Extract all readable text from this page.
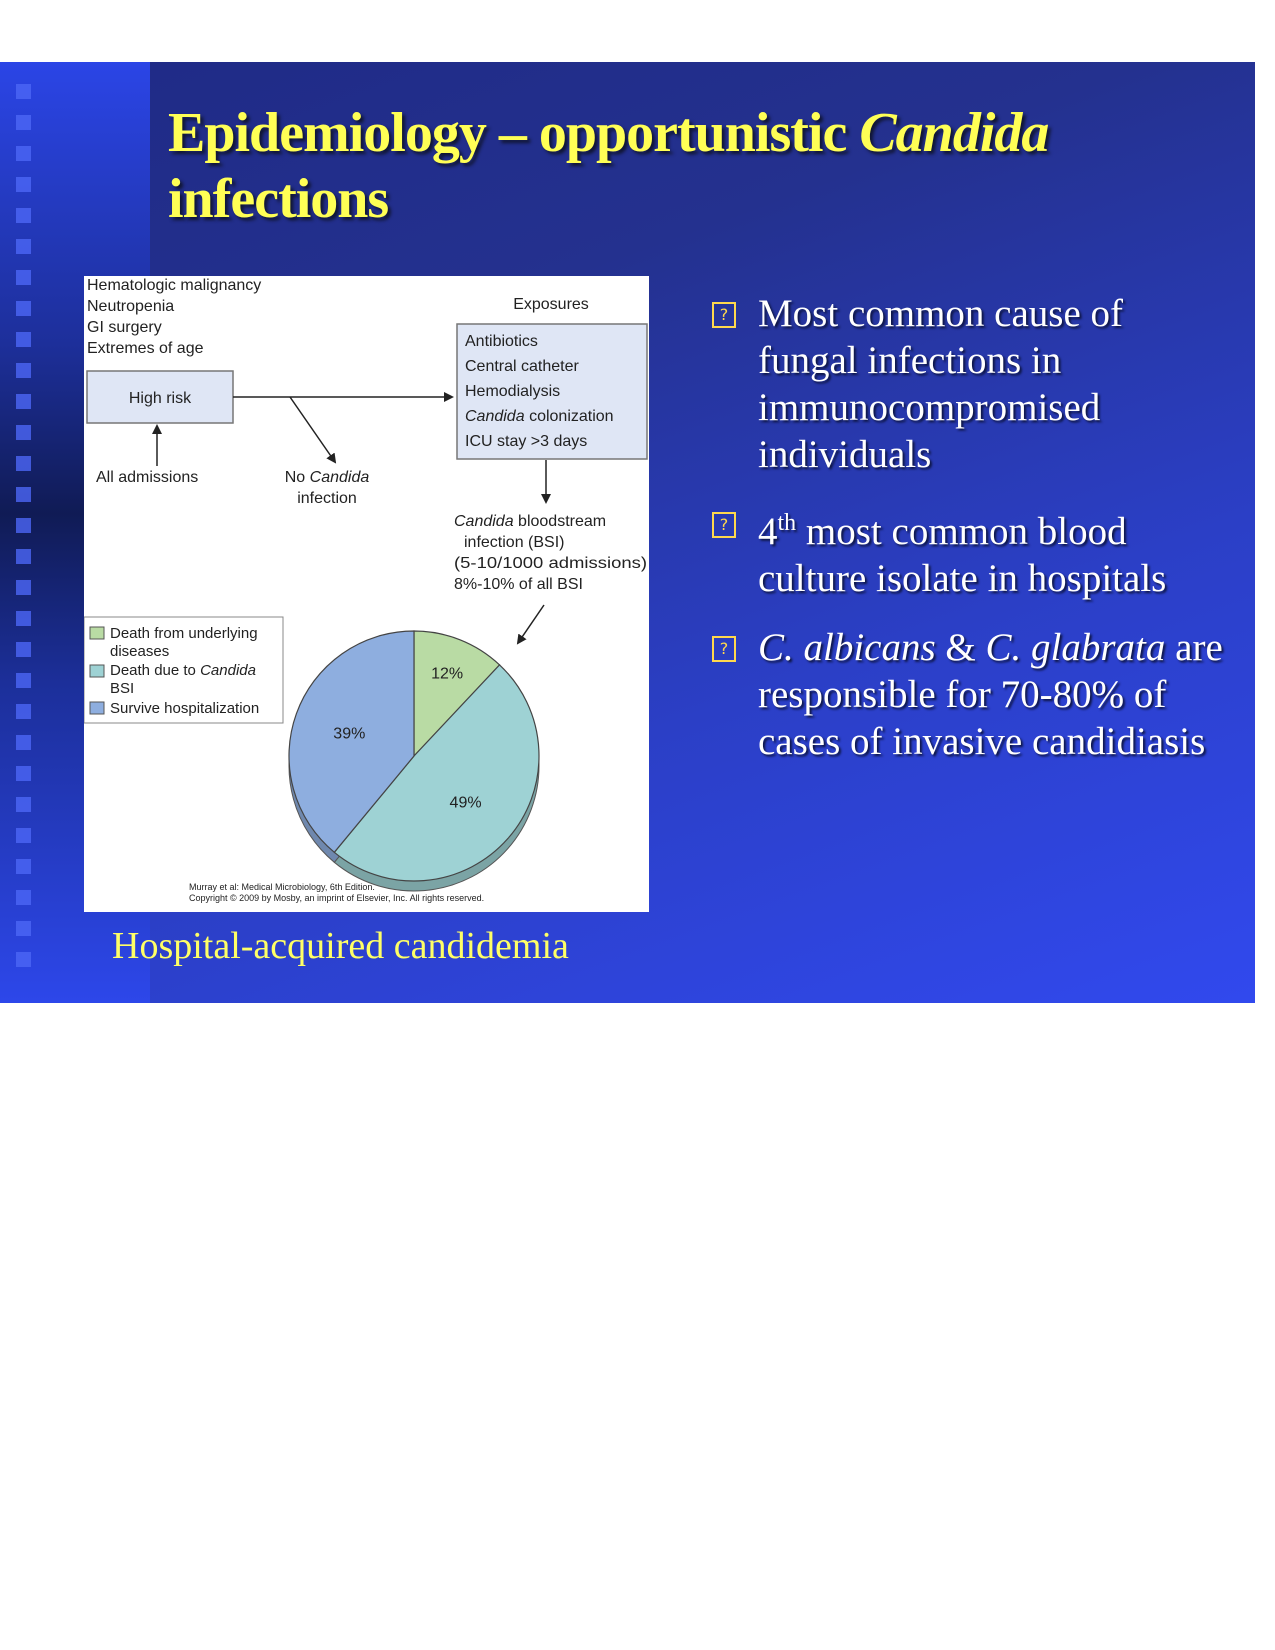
Epidemiology – opportunistic Candida
infections
Hematologic malignancy
Neutropenia
GI surgery
Extremes of age
High risk
All admissions	No Candida
infection
Exposures
Antibiotics
Central catheter
Hemodialysis
Candida colonization
ICU stay >3 days
Candida bloodstream
infection (BSI)
(5-10/1000 admissions)
8%-10% of all BSI
Death from underlying
diseases
Death due to Candida
BSI
Survive hospitalization
12%
49%
39%
Murray et al: Medical Microbiology, 6th Edition.
Copyright © 2009 by Mosby, an imprint of Elsevier, Inc. All rights reserved.

Hospital-acquired candidemia

? Most common cause of fungal infections in immunocompromised individuals
? 4th most common blood culture isolate in hospitals
? C. albicans & C. glabrata are responsible for 70-80% of cases of invasive candidiasis
